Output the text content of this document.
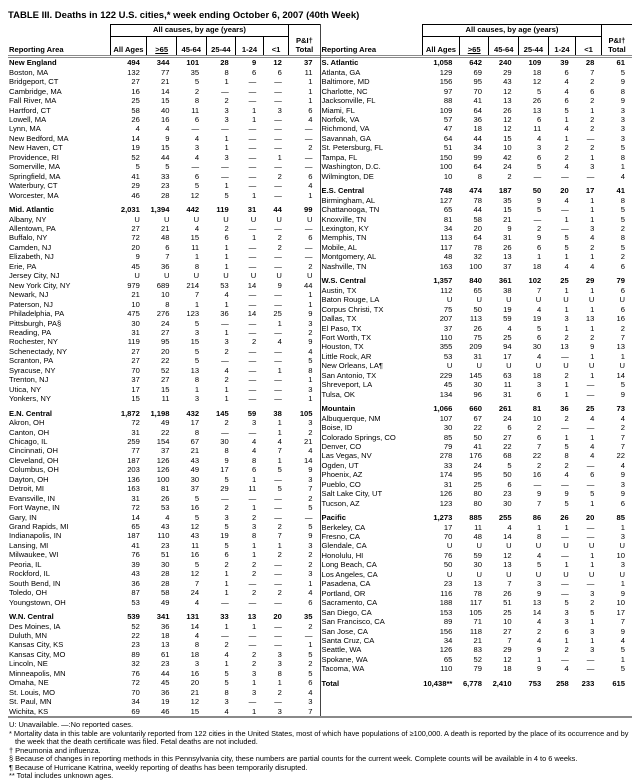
TABLE III. Deaths in 122 U.S. cities,* week ending October 6, 2007 (40th Week)
	All causes, by age (years)						
Reporting Area	All Ages	>65	45-64	25-44	1-24	<1	P&I†
Total
New England	494	344	101	28	9	12	37
Boston, MA	132	77	35	8	6	6	11
Bridgeport, CT	27	21	5	1	—	—	1
Cambridge, MA	16	14	2	—	—	—	1
Fall River, MA	25	15	8	2	—	—	1
Hartford, CT	58	40	11	3	1	3	6
Lowell, MA	26	16	6	3	1	—	4
Lynn, MA	4	4	—	—	—	—	—
New Bedford, MA	14	9	4	1	—	—	—
New Haven, CT	19	15	3	1	—	—	2
Providence, RI	52	44	4	3	—	1	—
Somerville, MA	5	5	—	—	—	—	—
Springfield, MA	41	33	6	—	—	2	6
Waterbury, CT	29	23	5	1	—	—	4
Worcester, MA	46	28	12	5	1	—	1
Mid. Atlantic	2,031	1,394	442	119	31	44	99
Albany, NY	U	U	U	U	U	U	U
Allentown, PA	27	21	4	2	—	—	—
Buffalo, NY	72	48	15	6	1	2	6
Camden, NJ	20	6	11	1	—	2	—
Elizabeth, NJ	9	7	1	1	—	—	—
Erie, PA	45	36	8	1	—	—	2
Jersey City, NJ	U	U	U	U	U	U	U
New York City, NY	979	689	214	53	14	9	44
Newark, NJ	21	10	7	4	—	—	1
Paterson, NJ	10	8	1	1	—	—	1
Philadelphia, PA	475	276	123	36	14	25	9
Pittsburgh, PA§	30	24	5	—	—	1	3
Reading, PA	31	27	3	1	—	—	2
Rochester, NY	119	95	15	3	2	4	9
Schenectady, NY	27	20	5	2	—	—	4
Scranton, PA	27	22	5	—	—	—	5
Syracuse, NY	70	52	13	4	—	1	8
Trenton, NJ	37	27	8	2	—	—	1
Utica, NY	17	15	1	1	—	—	3
Yonkers, NY	15	11	3	1	—	—	1
E.N. Central	1,872	1,198	432	145	59	38	105
Akron, OH	72	49	17	2	3	1	3
Canton, OH	31	22	8	—	—	1	2
Chicago, IL	259	154	67	30	4	4	21
Cincinnati, OH	77	37	21	8	4	7	4
Cleveland, OH	187	126	43	9	8	1	14
Columbus, OH	203	126	49	17	6	5	9
Dayton, OH	136	100	30	5	1	—	3
Detroit, MI	163	81	37	29	11	5	7
Evansville, IN	31	26	5	—	—	—	2
Fort Wayne, IN	72	53	16	2	1	—	5
Gary, IN	14	4	5	3	2	—	—
Grand Rapids, MI	65	43	12	5	3	2	5
Indianapolis, IN	187	110	43	19	8	7	9
Lansing, MI	41	23	11	5	1	1	3
Milwaukee, WI	76	51	16	6	1	2	2
Peoria, IL	39	30	5	2	2	—	2
Rockford, IL	43	28	12	1	2	—	3
South Bend, IN	36	28	7	1	—	—	1
Toledo, OH	87	58	24	1	2	2	4
Youngstown, OH	53	49	4	—	—	—	6
W.N. Central	539	341	131	33	13	20	35
Des Moines, IA	52	36	14	1	1	—	2
Duluth, MN	22	18	4	—	—	—	—
Kansas City, KS	23	13	8	2	—	—	1
Kansas City, MO	89	61	18	4	2	3	5
Lincoln, NE	32	23	3	1	2	3	2
Minneapolis, MN	76	44	16	5	3	8	5
Omaha, NE	72	45	20	5	1	1	6
St. Louis, MO	70	36	21	8	3	2	4
St. Paul, MN	34	19	12	3	—	—	3
Wichita, KS	69	46	15	4	1	3	7
	All causes, by age (years)						
Reporting Area	All Ages	>65	45-64	25-44	1-24	<1	P&I†
Total
S. Atlantic	1,058	642	240	109	39	28	61
Atlanta, GA	129	69	29	18	6	7	5
Baltimore, MD	156	95	43	12	4	2	9
Charlotte, NC	97	70	12	5	4	6	8
Jacksonville, FL	88	41	13	26	6	2	9
Miami, FL	109	64	26	13	5	1	3
Norfolk, VA	57	36	12	6	1	2	3
Richmond, VA	47	18	12	11	4	2	3
Savannah, GA	64	44	15	4	1	—	3
St. Petersburg, FL	51	34	10	3	2	2	5
Tampa, FL	150	99	42	6	2	1	8
Washington, D.C.	100	64	24	5	4	3	1
Wilmington, DE	10	8	2	—	—	—	4
E.S. Central	748	474	187	50	20	17	41
Birmingham, AL	127	78	35	9	4	1	8
Chattanooga, TN	65	44	15	5	—	1	5
Knoxville, TN	81	58	21	—	1	1	5
Lexington, KY	34	20	9	2	—	3	2
Memphis, TN	113	64	31	9	5	4	8
Mobile, AL	117	78	26	6	5	2	5
Montgomery, AL	48	32	13	1	1	1	2
Nashville, TN	163	100	37	18	4	4	6
W.S. Central	1,357	840	361	102	25	29	79
Austin, TX	112	65	38	7	1	1	6
Baton Rouge, LA	U	U	U	U	U	U	U
Corpus Christi, TX	75	50	19	4	1	1	6
Dallas, TX	207	113	59	19	3	13	16
El Paso, TX	37	26	4	5	1	1	2
Fort Worth, TX	110	75	25	6	2	2	7
Houston, TX	355	209	94	30	13	9	13
Little Rock, AR	53	31	17	4	—	1	1
New Orleans, LA¶	U	U	U	U	U	U	U
San Antonio, TX	229	145	63	18	2	1	14
Shreveport, LA	45	30	11	3	1	—	5
Tulsa, OK	134	96	31	6	1	—	9
Mountain	1,066	660	261	81	36	25	73
Albuquerque, NM	107	67	24	10	2	4	4
Boise, ID	30	22	6	2	—	—	2
Colorado Springs, CO	85	50	27	6	1	1	7
Denver, CO	79	41	22	7	5	4	7
Las Vegas, NV	278	176	68	22	8	4	22
Ogden, UT	33	24	5	2	2	—	4
Phoenix, AZ	174	95	50	16	4	6	9
Pueblo, CO	31	25	6	—	—	—	3
Salt Lake City, UT	126	80	23	9	9	5	9
Tucson, AZ	123	80	30	7	5	1	6
Pacific	1,273	885	255	86	26	20	85
Berkeley, CA	17	11	4	1	1	—	1
Fresno, CA	70	48	14	8	—	—	3
Glendale, CA	U	U	U	U	U	U	U
Honolulu, HI	76	59	12	4	—	1	10
Long Beach, CA	50	30	13	5	1	1	3
Los Angeles, CA	U	U	U	U	U	U	U
Pasadena, CA	23	13	7	3	—	—	1
Portland, OR	116	78	26	9	—	3	9
Sacramento, CA	188	117	51	13	5	2	10
San Diego, CA	153	105	25	14	3	5	17
San Francisco, CA	89	71	10	4	3	1	7
San Jose, CA	156	118	27	2	6	3	9
Santa Cruz, CA	34	21	7	4	1	1	4
Seattle, WA	126	83	29	9	2	3	5
Spokane, WA	65	52	12	1	—	—	1
Tacoma, WA	110	79	18	9	4	—	5
Total	10,438**	6,778	2,410	753	258	233	615
U: Unavailable. —:No reported cases.
* Mortality data in this table are voluntarily reported from 122 cities in the United States, most of which have populations of ≥100,000. A death is reported by the place of its occurrence and by the week that the death certificate was filed. Fetal deaths are not included.
† Pneumonia and influenza.
§ Because of changes in reporting methods in this Pennsylvania city, these numbers are partial counts for the current week. Complete counts will be available in 4 to 6 weeks.
¶ Because of Hurricane Katrina, weekly reporting of deaths has been temporarily disrupted.
** Total includes unknown ages.
